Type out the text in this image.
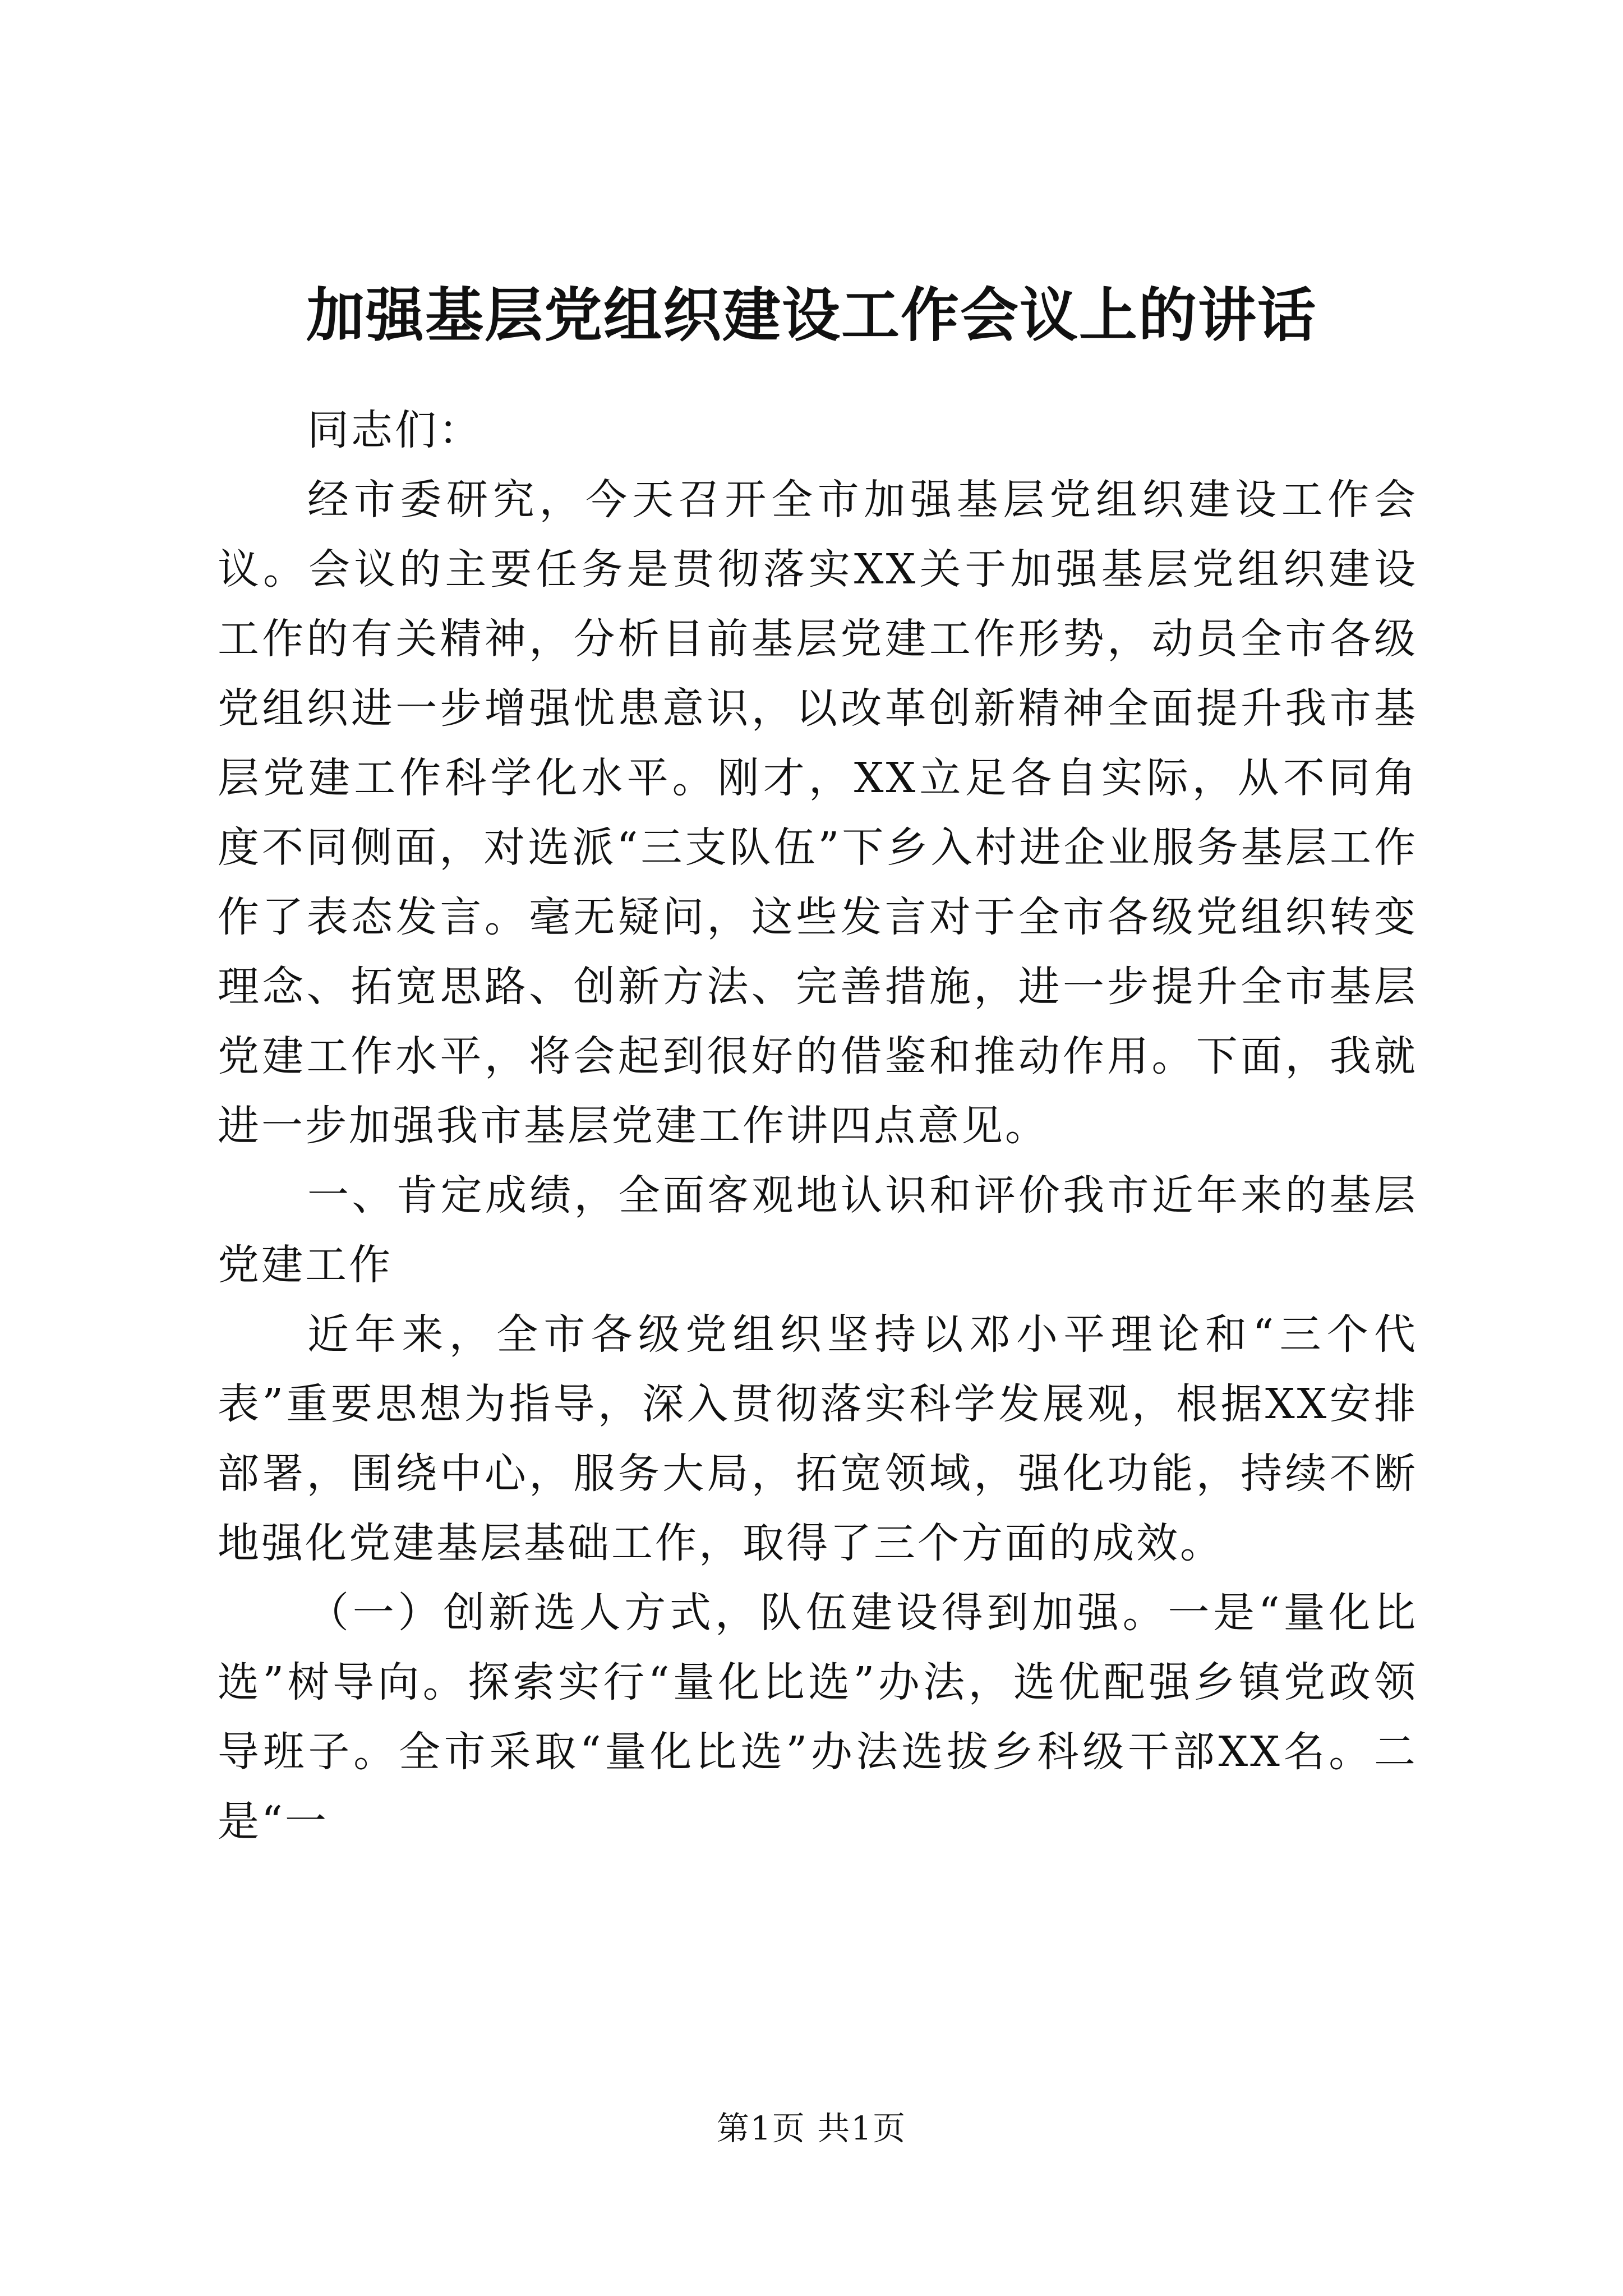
加强基层党组织建设工作会议上的讲话

同志们：

经市委研究，今天召开全市加强基层党组织建设工作会议。会议的主要任务是贯彻落实XX关于加强基层党组织建设工作的有关精神，分析目前基层党建工作形势，动员全市各级党组织进一步增强忧患意识，以改革创新精神全面提升我市基层党建工作科学化水平。刚才，XX立足各自实际，从不同角度不同侧面，对选派“三支队伍”下乡入村进企业服务基层工作作了表态发言。毫无疑问，这些发言对于全市各级党组织转变理念、拓宽思路、创新方法、完善措施，进一步提升全市基层党建工作水平，将会起到很好的借鉴和推动作用。下面，我就进一步加强我市基层党建工作讲四点意见。

一、肯定成绩，全面客观地认识和评价我市近年来的基层党建工作

近年来，全市各级党组织坚持以邓小平理论和“三个代表”重要思想为指导，深入贯彻落实科学发展观，根据XX安排部署，围绕中心，服务大局，拓宽领域，强化功能，持续不断地强化党建基层基础工作，取得了三个方面的成效。

（一）创新选人方式，队伍建设得到加强。一是“量化比选”树导向。探索实行“量化比选”办法，选优配强乡镇党政领导班子。全市采取“量化比选”办法选拔乡科级干部XX名。二是“一

第1页 共1页
